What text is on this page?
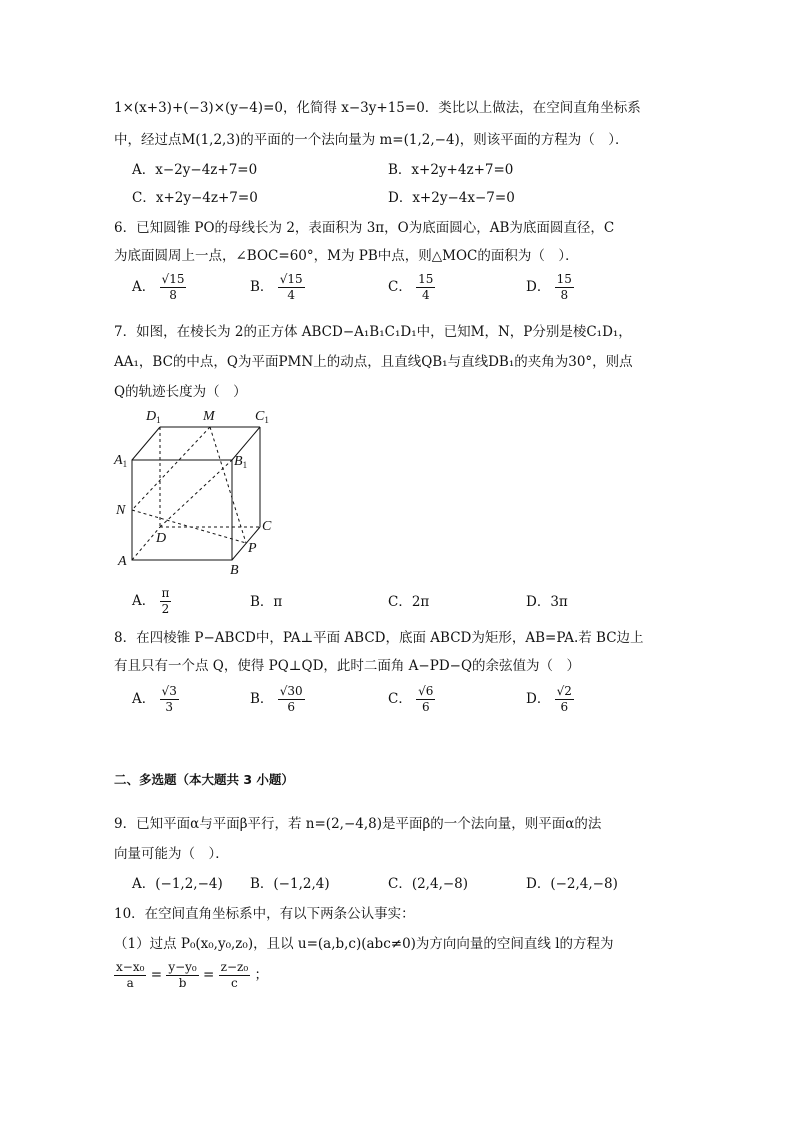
1×(x+3)+(−3)×(y−4)=0，化简得 x−3y+15=0．类比以上做法，在空间直角坐标系
中，经过点M(1,2,3)的平面的一个法向量为 m=(1,2,−4)，则该平面的方程为（　）．
A．x−2y−4z+7=0	B．x+2y+4z+7=0
C．x+2y−4z+7=0	D．x+2y−4x−7=0
6．已知圆锥 PO的母线长为 2，表面积为 3π，O为底面圆心，AB为底面圆直径，C
为底面圆周上一点，∠BOC=60°，M为 PB中点，则△MOC的面积为（　）．
A． $\frac{√15}{8}$	B． $\frac{√15}{4}$	C． $\frac{15}{4}$	D． $\frac{15}{8}$
7．如图，在棱长为 2的正方体 ABCD−A₁B₁C₁D₁中，已知M，N，P分别是棱C₁D₁，
AA₁，BC的中点，Q为平面PMN上的动点，且直线QB₁与直线DB₁的夹角为30°，则点
Q的轨迹长度为（　）
$D_1$	M	$C_1$
$A_1$	$B_1$
N
D
C
P
A
B
A． $\frac{\pi}{2}$	B．π	C．2π	D．3π
8．在四棱锥 P−ABCD中，PA⊥平面 ABCD，底面 ABCD为矩形，AB=PA.若 BC边上
有且只有一个点 Q，使得 PQ⊥QD，此时二面角 A−PD−Q的余弦值为（　）
A． $\frac{√3}{3}$	B． $\frac{√30}{6}$	C． $\frac{√6}{6}$	D． $\frac{√2}{6}$
二、多选题（本大题共 3 小题）
9．已知平面α与平面β平行，若 n=(2,−4,8)是平面β的一个法向量，则平面α的法
向量可能为（　）．
A．(−1,2,−4) B．(−1,2,4)	C．(2,4,−8)	D．(−2,4,−8)
10．在空间直角坐标系中，有以下两条公认事实：
（1）过点 P₀(x₀,y₀,z₀)，且以 u=(a,b,c)(abc≠0)为方向向量的空间直线 l的方程为
$\frac{\text{x−x₀}}{a} = \frac{\text{y−y₀}}{b} = \frac{\text{z−z₀}}{c}$ ；
